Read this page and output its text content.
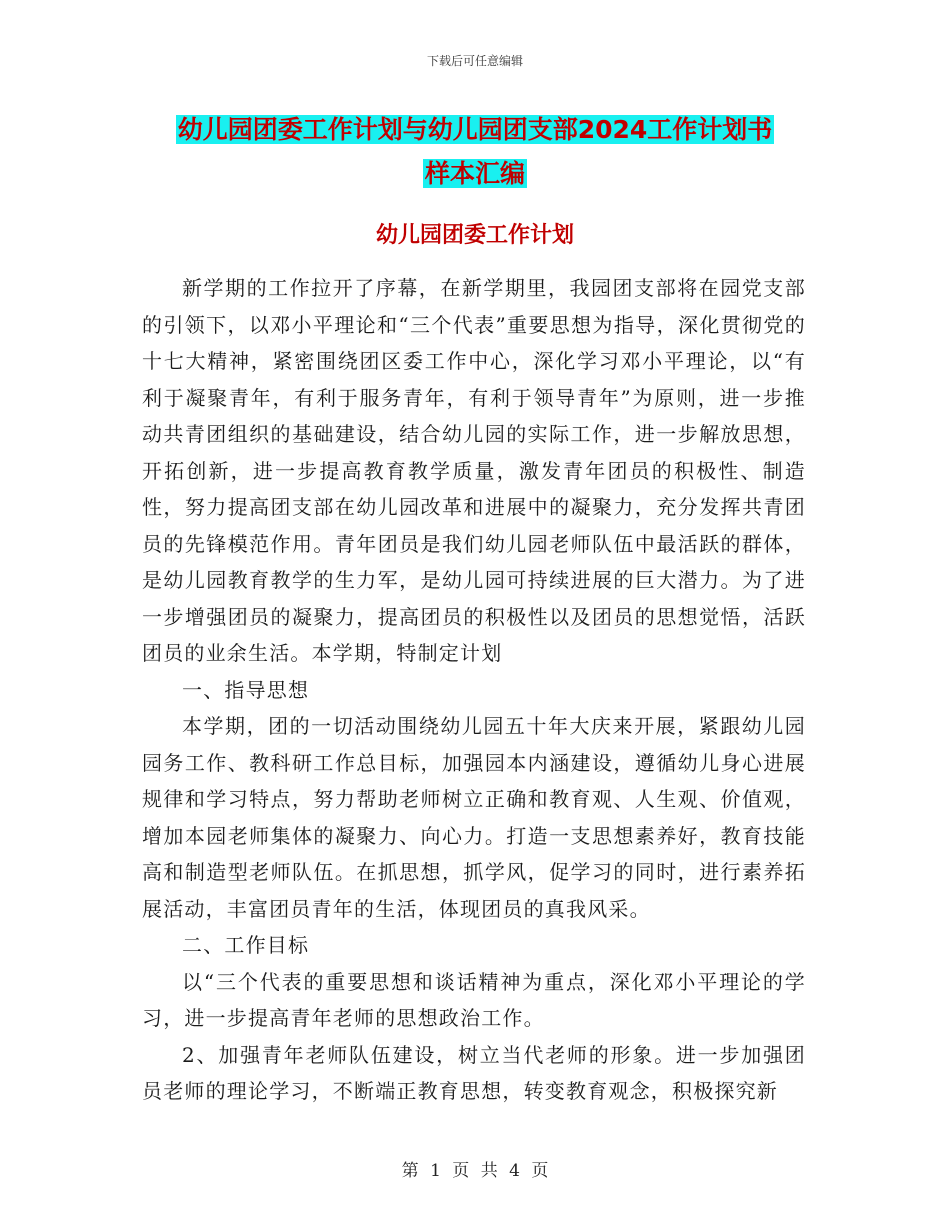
下载后可任意编辑
幼儿园团委工作计划与幼儿园团支部2024工作计划书
样本汇编
幼儿园团委工作计划

新学期的工作拉开了序幕，在新学期里，我园团支部将在园党支部的引领下，以邓小平理论和“三个代表”重要思想为指导，深化贯彻党的十七大精神，紧密围绕团区委工作中心，深化学习邓小平理论，以“有利于凝聚青年，有利于服务青年，有利于领导青年”为原则，进一步推动共青团组织的基础建设，结合幼儿园的实际工作，进一步解放思想，开拓创新，进一步提高教育教学质量，激发青年团员的积极性、制造性，努力提高团支部在幼儿园改革和进展中的凝聚力，充分发挥共青团员的先锋模范作用。青年团员是我们幼儿园老师队伍中最活跃的群体，是幼儿园教育教学的生力军，是幼儿园可持续进展的巨大潜力。为了进一步增强团员的凝聚力，提高团员的积极性以及团员的思想觉悟，活跃团员的业余生活。本学期，特制定计划

一、指导思想

本学期，团的一切活动围绕幼儿园五十年大庆来开展，紧跟幼儿园园务工作、教科研工作总目标，加强园本内涵建设，遵循幼儿身心进展规律和学习特点，努力帮助老师树立正确和教育观、人生观、价值观，增加本园老师集体的凝聚力、向心力。打造一支思想素养好，教育技能高和制造型老师队伍。在抓思想，抓学风，促学习的同时，进行素养拓展活动，丰富团员青年的生活，体现团员的真我风采。

二、工作目标

以“三个代表的重要思想和谈话精神为重点，深化邓小平理论的学习，进一步提高青年老师的思想政治工作。

2、加强青年老师队伍建设，树立当代老师的形象。进一步加强团员老师的理论学习，不断端正教育思想，转变教育观念，积极探究新

第 1 页 共 4 页
